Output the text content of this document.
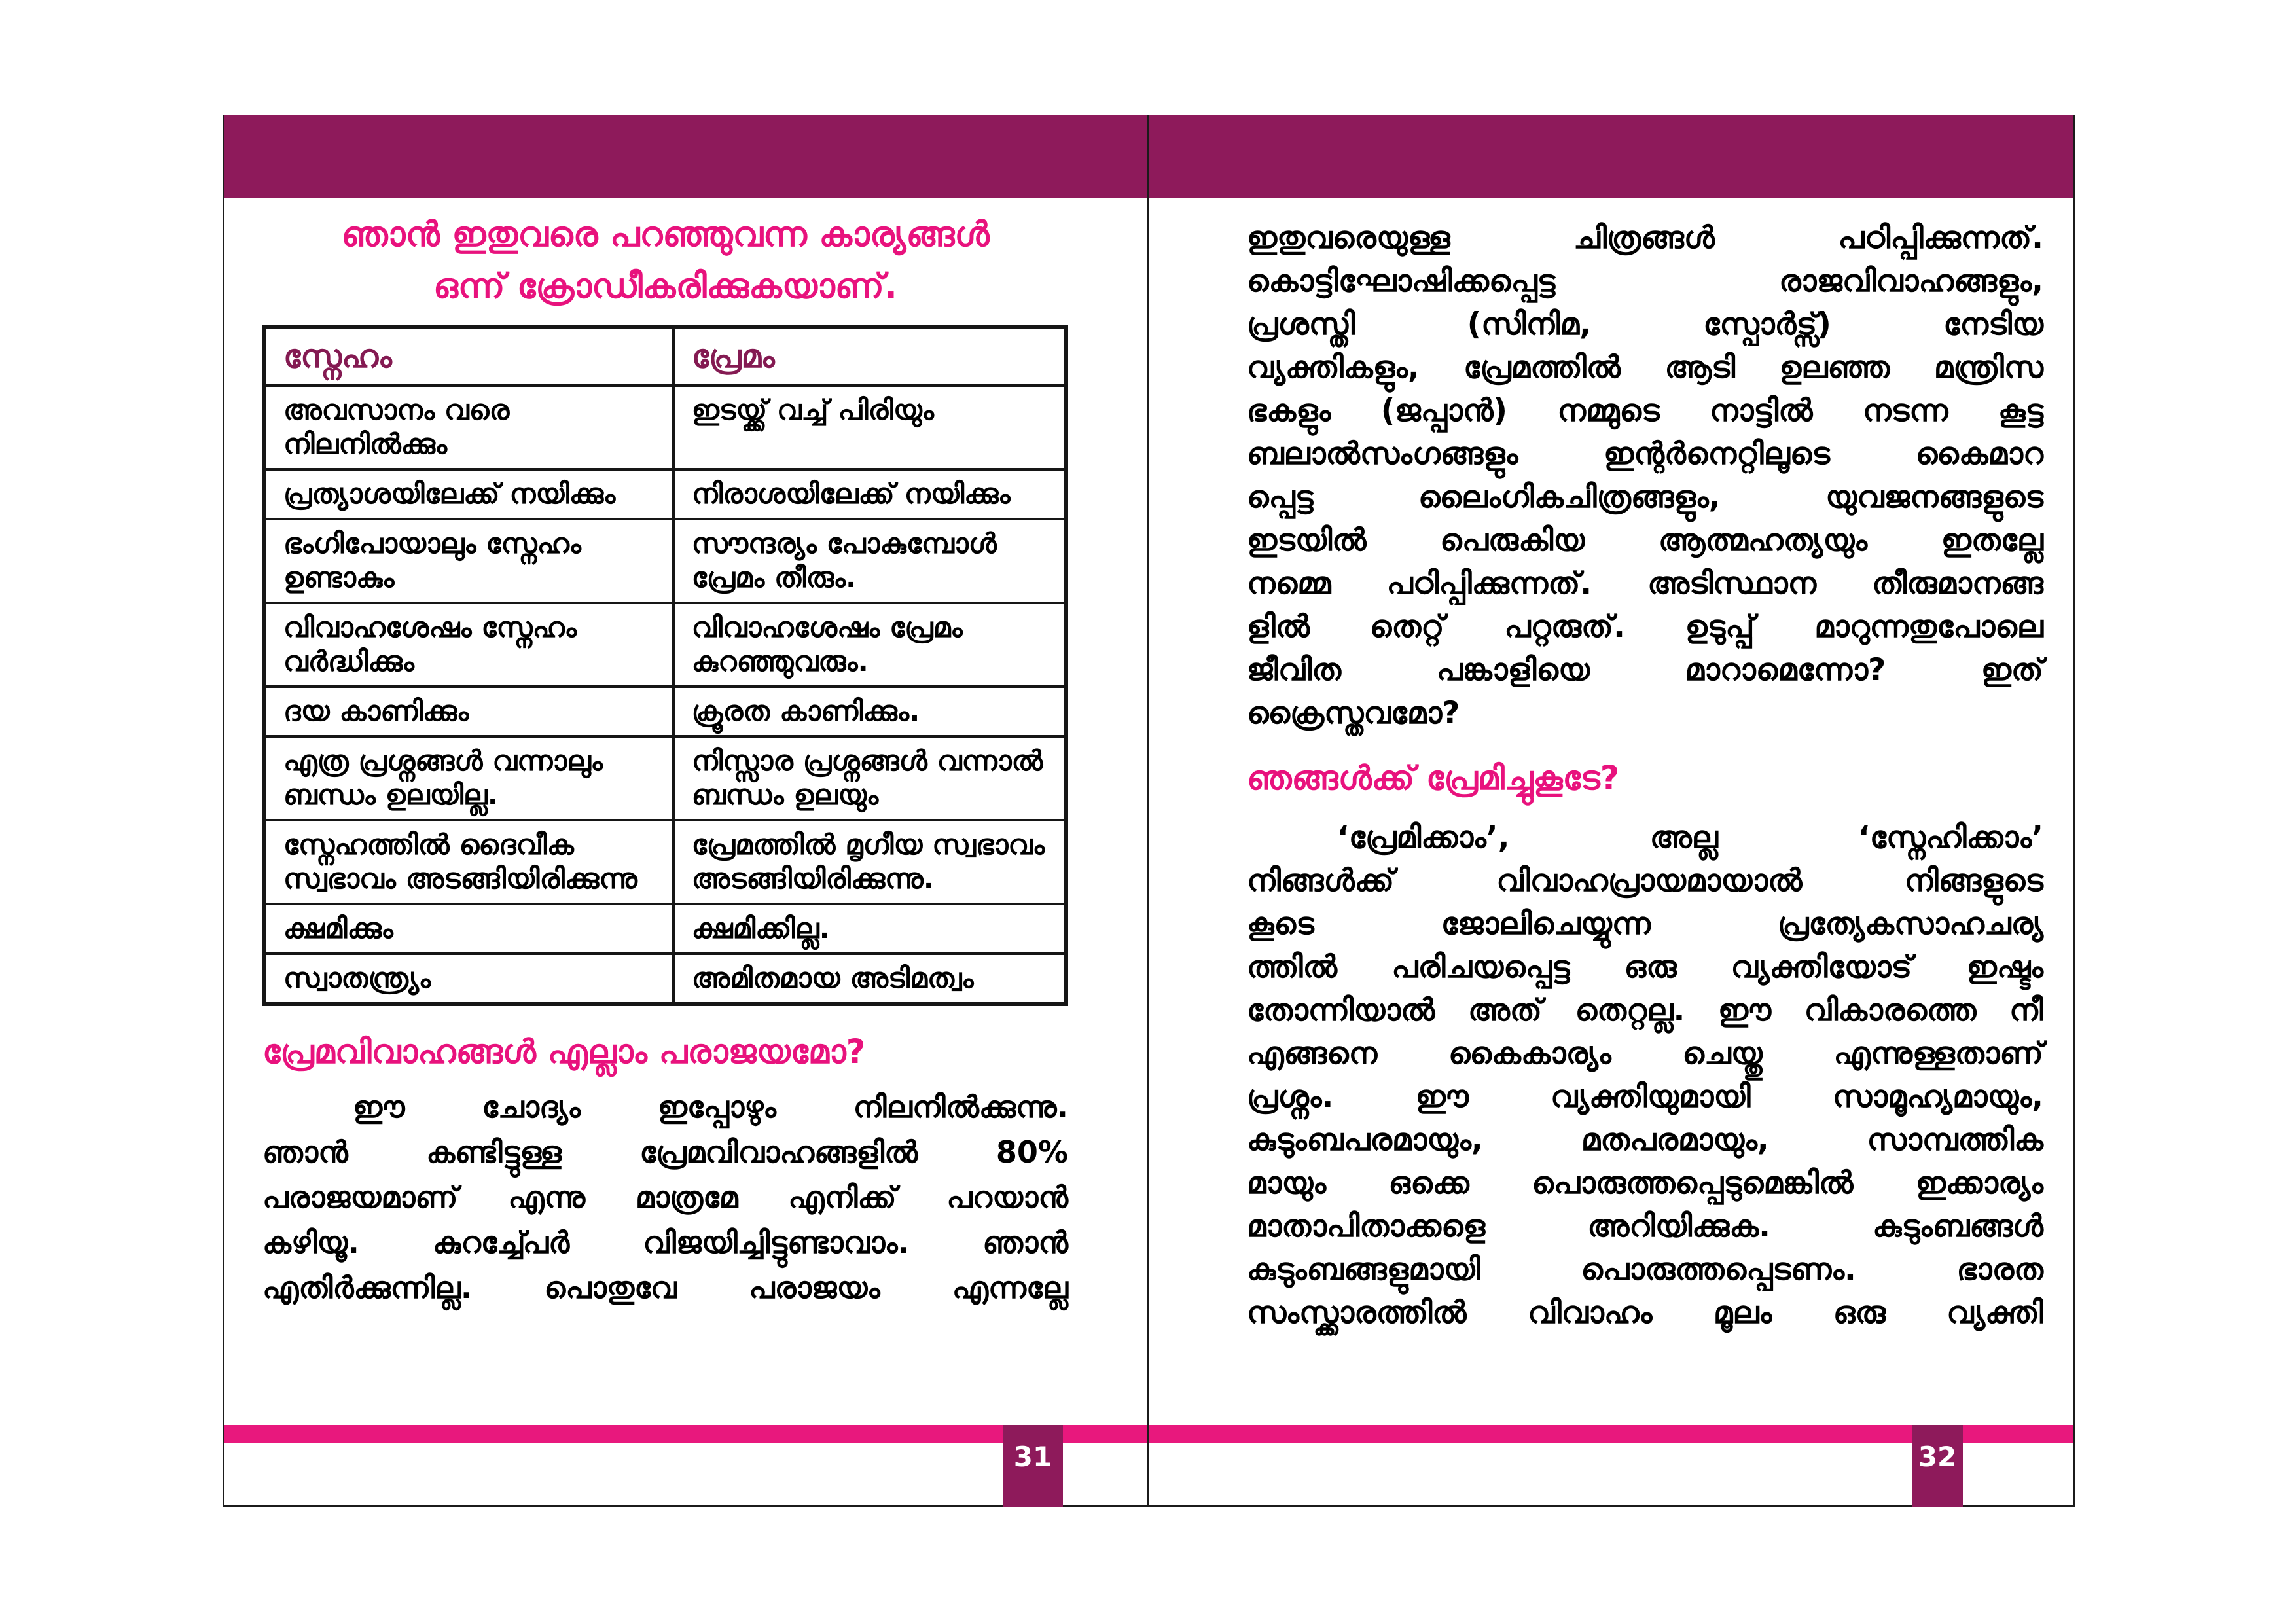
ഞാൻ ഇതുവരെ പറഞ്ഞുവന്ന കാര്യങ്ങൾ
ഒന്ന് ക്രോഡീകരിക്കുകയാണ്.
സ്നേഹം	പ്രേമം
അവസാനം വരെ നിലനിൽക്കും	ഇടയ്ക്ക് വച്ച് പിരിയും
പ്രത്യാശയിലേക്ക് നയിക്കും	നിരാശയിലേക്ക് നയിക്കും
ഭംഗിപോയാലും സ്നേഹം ഉണ്ടാകും	സൗന്ദര്യം പോകുമ്പോൾ പ്രേമം തീരും.
വിവാഹശേഷം സ്നേഹം വർദ്ധിക്കും	വിവാഹശേഷം പ്രേമം കുറഞ്ഞുവരും.
ദയ കാണിക്കും	ക്രൂരത കാണിക്കും.
എത്ര പ്രശ്നങ്ങൾ വന്നാലും ബന്ധം ഉലയില്ല.	നിസ്സാര പ്രശ്നങ്ങൾ വന്നാൽ ബന്ധം ഉലയും
സ്നേഹത്തിൽ ദൈവീക സ്വഭാവം അടങ്ങിയിരിക്കുന്നു	പ്രേമത്തിൽ മൃഗീയ സ്വഭാവം അടങ്ങിയിരിക്കുന്നു.
ക്ഷമിക്കും	ക്ഷമിക്കില്ല.
സ്വാതന്ത്ര്യം	അമിതമായ അടിമത്വം
പ്രേമവിവാഹങ്ങൾ എല്ലാം പരാജയമോ?
ഈ ചോദ്യം ഇപ്പോഴും നിലനിൽക്കുന്നു.
ഞാൻ കണ്ടിട്ടുള്ള പ്രേമവിവാഹങ്ങളിൽ 80%
പരാജയമാണ് എന്നു മാത്രമേ എനിക്ക് പറയാൻ
കഴിയൂ. കുറച്ച്പേർ വിജയിച്ചിട്ടുണ്ടാവാം. ഞാൻ
എതിർക്കുന്നില്ല. പൊതുവേ പരാജയം എന്നല്ലേ
31
ഇതുവരെയുള്ള ചിത്രങ്ങൾ പഠിപ്പിക്കുന്നത്.
കൊട്ടിഘോഷിക്കപ്പെട്ട രാജവിവാഹങ്ങളും,
പ്രശസ്തി (സിനിമ, സ്പോർട്സ്) നേടിയ
വ്യക്തികളും, പ്രേമത്തിൽ ആടി ഉലഞ്ഞ മന്ത്രിസ
ഭകളും (ജപ്പാൻ) നമ്മുടെ നാട്ടിൽ നടന്ന കൂട്ട
ബലാൽസംഗങ്ങളും ഇന്റർനെറ്റിലൂടെ കൈമാറ
പ്പെട്ട ലൈംഗികചിത്രങ്ങളും, യുവജനങ്ങളുടെ
ഇടയിൽ പെരുകിയ ആത്മഹത്യയും ഇതല്ലേ
നമ്മെ പഠിപ്പിക്കുന്നത്. അടിസ്ഥാന തീരുമാനങ്ങ
ളിൽ തെറ്റ് പറ്റരുത്. ഉടുപ്പ് മാറുന്നതുപോലെ
ജീവിത പങ്കാളിയെ മാറാമെന്നോ? ഇത്
ക്രൈസ്തവമോ?
ഞങ്ങൾക്ക് പ്രേമിച്ചുകൂടേ?
‘പ്രേമിക്കാം’, അല്ല ‘സ്നേഹിക്കാം’
നിങ്ങൾക്ക് വിവാഹപ്രായമായാൽ നിങ്ങളുടെ
കൂടെ ജോലിചെയ്യുന്ന പ്രത്യേകസാഹചര്യ
ത്തിൽ പരിചയപ്പെട്ട ഒരു വ്യക്തിയോട് ഇഷ്ടം
തോന്നിയാൽ അത് തെറ്റല്ല. ഈ വികാരത്തെ നീ
എങ്ങനെ കൈകാര്യം ചെയ്തു എന്നുള്ളതാണ്
പ്രശ്നം. ഈ വ്യക്തിയുമായി സാമൂഹ്യമായും,
കുടുംബപരമായും, മതപരമായും, സാമ്പത്തിക
മായും ഒക്കെ പൊരുത്തപ്പെടുമെങ്കിൽ ഇക്കാര്യം
മാതാപിതാക്കളെ അറിയിക്കുക. കുടുംബങ്ങൾ
കുടുംബങ്ങളുമായി പൊരുത്തപ്പെടണം. ഭാരത
സംസ്ക്കാരത്തിൽ വിവാഹം മൂലം ഒരു വ്യക്തി
32
